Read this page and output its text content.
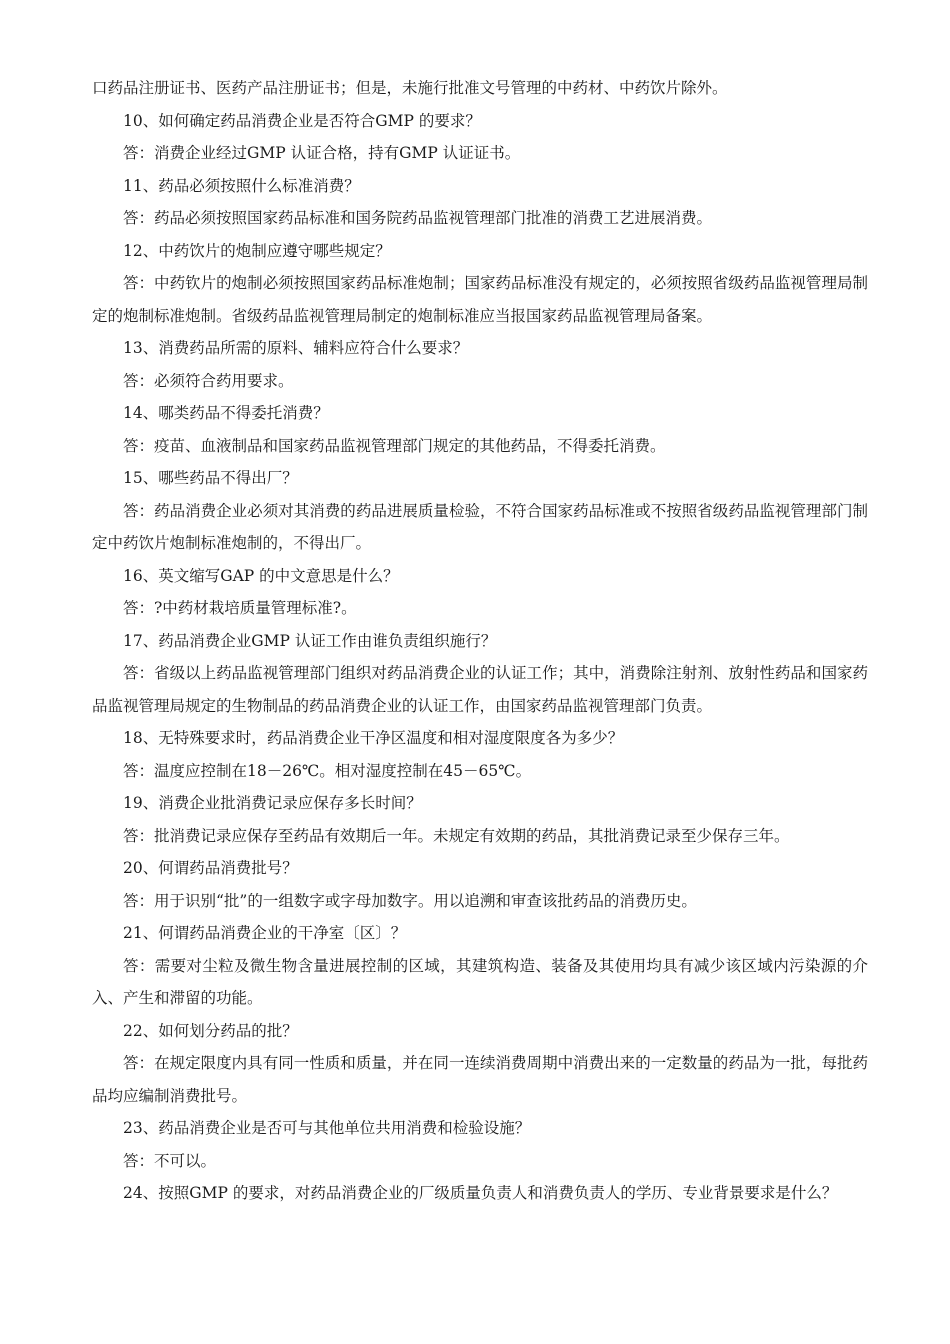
口药品注册证书、医药产品注册证书；但是，未施行批准文号管理的中药材、中药饮片除外。

10、如何确定药品消费企业是否符合GMP 的要求？

答：消费企业经过GMP 认证合格，持有GMP 认证证书。

11、药品必须按照什么标准消费？

答：药品必须按照国家药品标准和国务院药品监视管理部门批准的消费工艺进展消费。

12、中药饮片的炮制应遵守哪些规定？

答：中药钦片的炮制必须按照国家药品标准炮制；国家药品标准没有规定的，必须按照省级药品监视管理局制定的炮制标准炮制。省级药品监视管理局制定的炮制标准应当报国家药品监视管理局备案。

13、消费药品所需的原料、辅料应符合什么要求？

答：必须符合药用要求。

14、哪类药品不得委托消费？

答：疫苗、血液制品和国家药品监视管理部门规定的其他药品，不得委托消费。

15、哪些药品不得出厂？

答：药品消费企业必须对其消费的药品进展质量检验，不符合国家药品标准或不按照省级药品监视管理部门制定中药饮片炮制标准炮制的，不得出厂。

16、英文缩写GAP 的中文意思是什么？

答：?中药材栽培质量管理标准?。

17、药品消费企业GMP 认证工作由谁负责组织施行？

答：省级以上药品监视管理部门组织对药品消费企业的认证工作；其中，消费除注射剂、放射性药品和国家药品监视管理局规定的生物制品的药品消费企业的认证工作，由国家药品监视管理部门负责。

18、无特殊要求时，药品消费企业干净区温度和相对湿度限度各为多少？

答：温度应控制在18－26℃。相对湿度控制在45－65℃。

19、消费企业批消费记录应保存多长时间？

答：批消费记录应保存至药品有效期后一年。未规定有效期的药品，其批消费记录至少保存三年。

20、何谓药品消费批号？

答：用于识别“批”的一组数字或字母加数字。用以追溯和审查该批药品的消费历史。

21、何谓药品消费企业的干净室〔区〕？

答：需要对尘粒及微生物含量进展控制的区域，其建筑构造、装备及其使用均具有减少该区域内污染源的介入、产生和滞留的功能。

22、如何划分药品的批？

答：在规定限度内具有同一性质和质量，并在同一连续消费周期中消费出来的一定数量的药品为一批，每批药品均应编制消费批号。

23、药品消费企业是否可与其他单位共用消费和检验设施？

答：不可以。

24、按照GMP 的要求，对药品消费企业的厂级质量负责人和消费负责人的学历、专业背景要求是什么？
